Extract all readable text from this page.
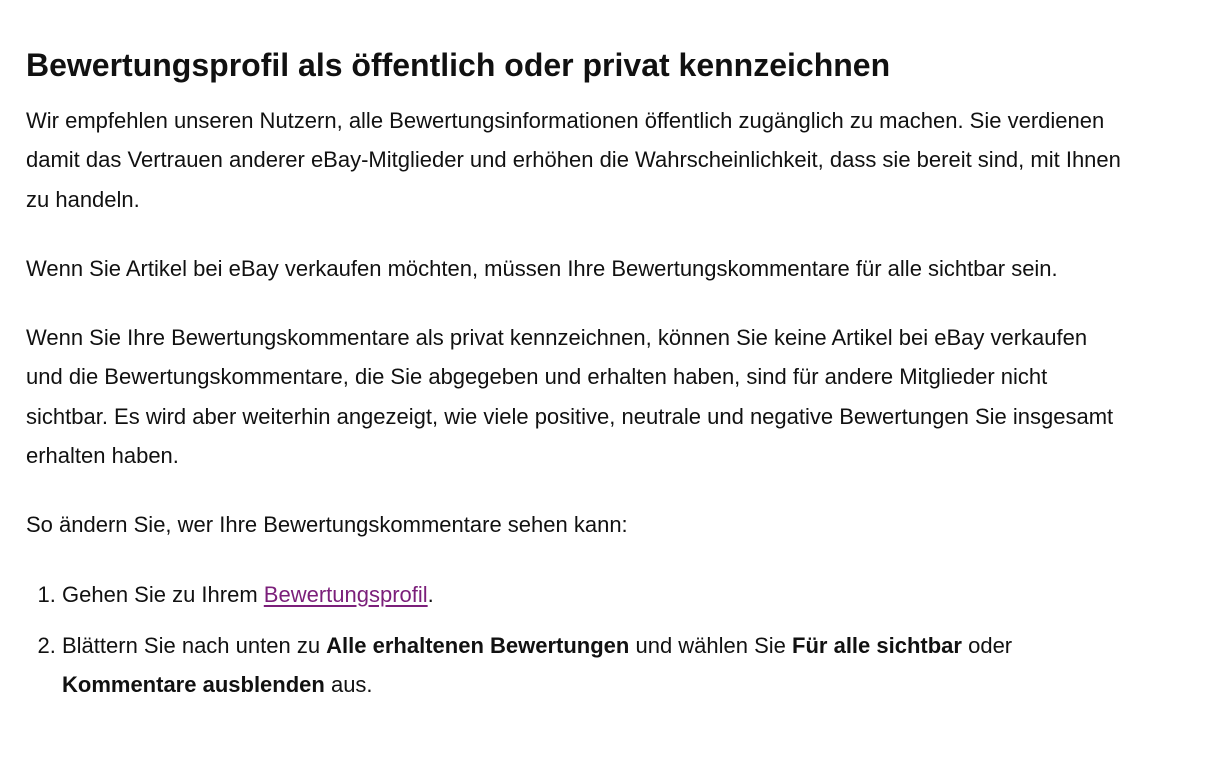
Bewertungsprofil als öffentlich oder privat kennzeichnen

Wir empfehlen unseren Nutzern, alle Bewertungsinformationen öffentlich zugänglich zu machen. Sie verdienen damit das Vertrauen anderer eBay-Mitglieder und erhöhen die Wahrscheinlichkeit, dass sie bereit sind, mit Ihnen zu handeln.

Wenn Sie Artikel bei eBay verkaufen möchten, müssen Ihre Bewertungskommentare für alle sichtbar sein.

Wenn Sie Ihre Bewertungskommentare als privat kennzeichnen, können Sie keine Artikel bei eBay verkaufen und die Bewertungskommentare, die Sie abgegeben und erhalten haben, sind für andere Mitglieder nicht sichtbar. Es wird aber weiterhin angezeigt, wie viele positive, neutrale und negative Bewertungen Sie insgesamt erhalten haben.

So ändern Sie, wer Ihre Bewertungskommentare sehen kann:

1. Gehen Sie zu Ihrem Bewertungsprofil.
2. Blättern Sie nach unten zu Alle erhaltenen Bewertungen und wählen Sie Für alle sichtbar oder Kommentare ausblenden aus.
